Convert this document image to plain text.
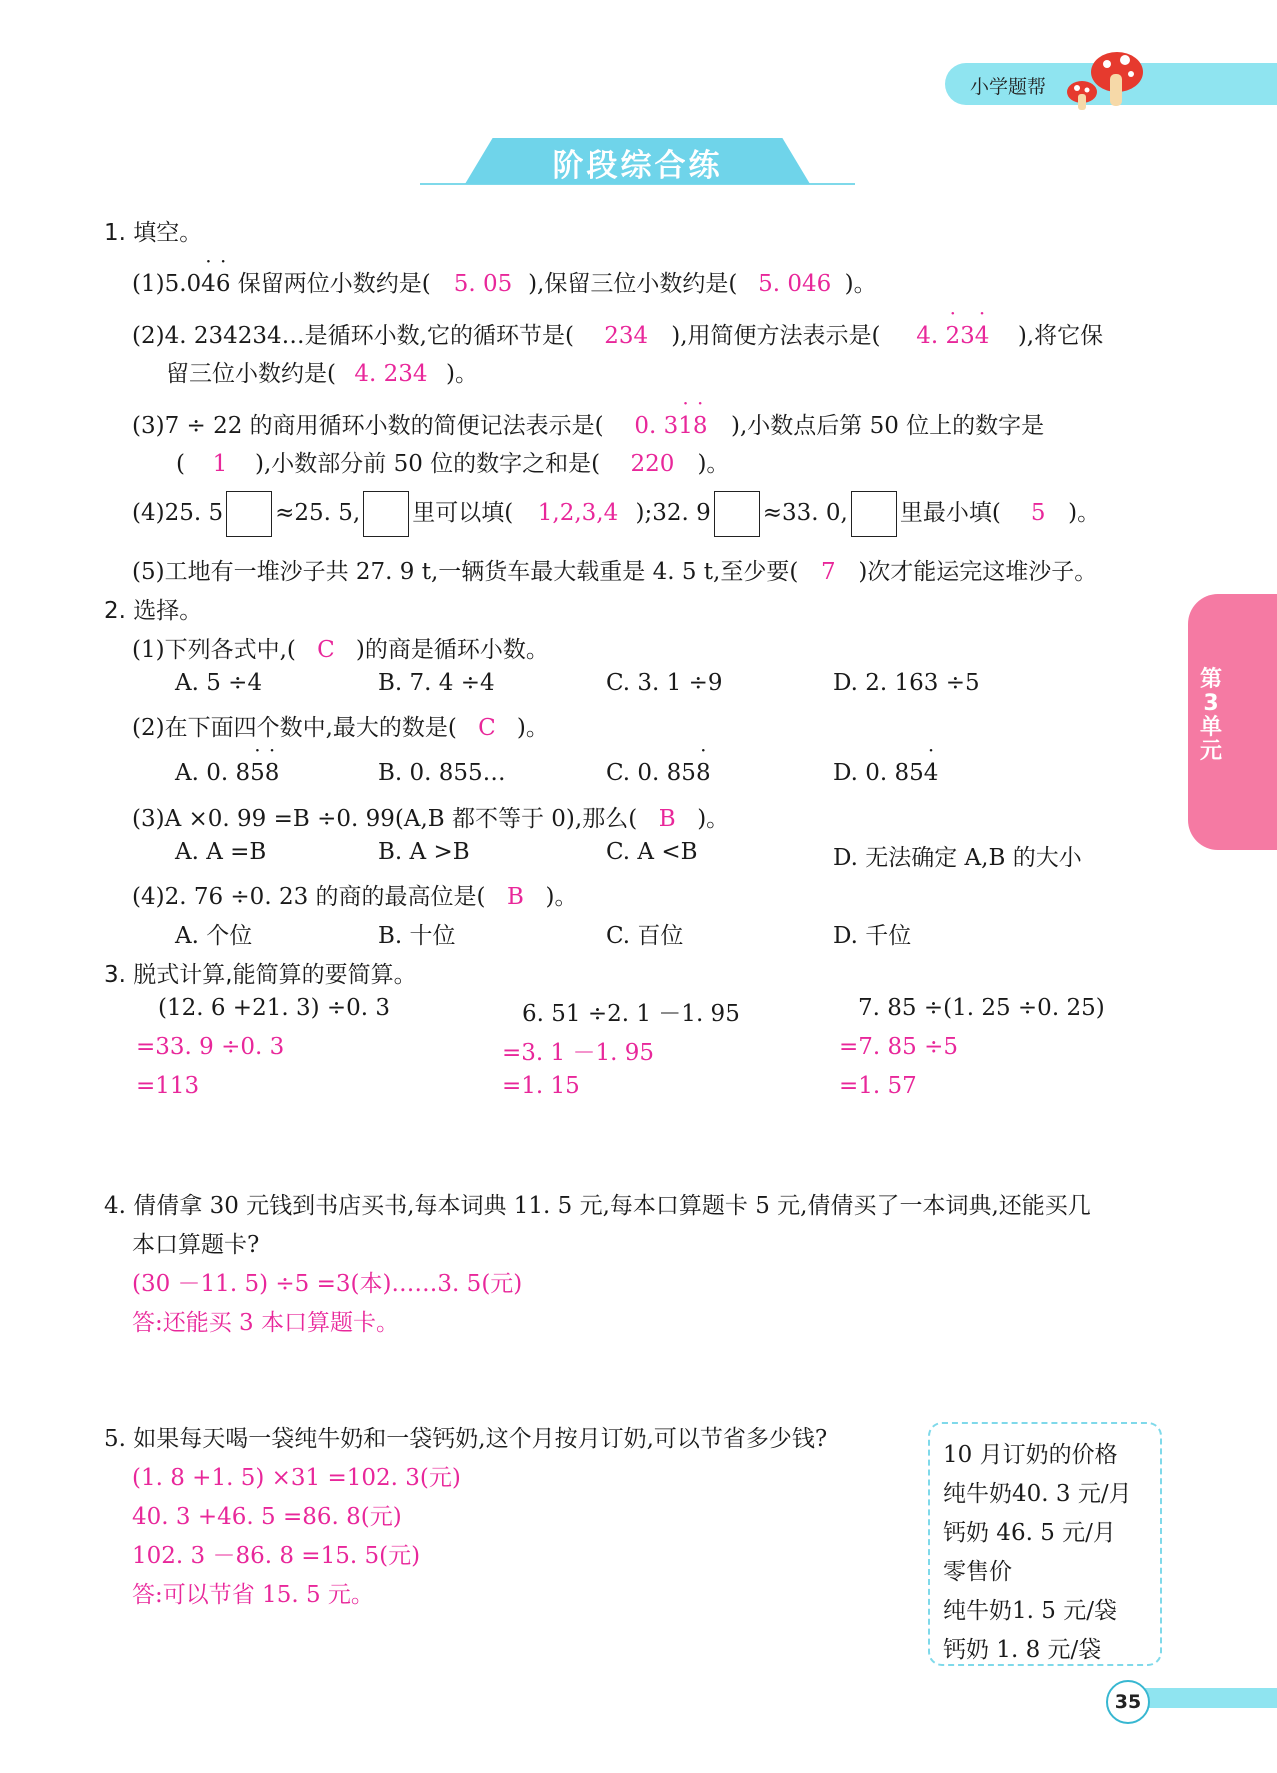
小学题帮
阶段综合练
第3单元
1. 填空。
(1)5.0· 4· 6 保留两位小数约是( 5. 05 ),保留三位小数约是( 5. 046 )。
(2)4. 234234…是循环小数,它的循环节是( 234 ),用简便方法表示是( 4. · 23· 4 ),将它保
留三位小数约是( 4. 234 )。
(3)7 ÷ 22 的商用循环小数的简便记法表示是( 0. 3· 1· 8 ),小数点后第 50 位上的数字是
( 1 ),小数部分前 50 位的数字之和是( 220 )。
(4)25. 5 ≈25. 5, 里可以填( 1,2,3,4 );32. 9 ≈33. 0, 里最小填( 5 )。
(5)工地有一堆沙子共 27. 9 t,一辆货车最大载重是 4. 5 t,至少要( 7 )次才能运完这堆沙子。
2. 选择。
(1)下列各式中,( C )的商是循环小数。
A. 5 ÷4	B. 7. 4 ÷4	C. 3. 1 ÷9	D. 2. 163 ÷5
(2)在下面四个数中,最大的数是( C )。
A. 0. 8· 5· 8	B. 0. 855…	C. 0. 85· 8	D. 0. 85· 4
(3)A ×0. 99 =B ÷0. 99(A,B 都不等于 0),那么( B )。
A. A =B	B. A >B	C. A <B	D. 无法确定 A,B 的大小
(4)2. 76 ÷0. 23 的商的最高位是( B )。
A. 个位	B. 十位	C. 百位	D. 千位
3. 脱式计算,能简算的要简算。
(12. 6 +21. 3) ÷0. 3
=33. 9 ÷0. 3
=113
6. 51 ÷2. 1 －1. 95
=3. 1 －1. 95
=1. 15
7. 85 ÷(1. 25 ÷0. 25)
=7. 85 ÷5
=1. 57
4. 倩倩拿 30 元钱到书店买书,每本词典 11. 5 元,每本口算题卡 5 元,倩倩买了一本词典,还能买几
本口算题卡?
(30 －11. 5) ÷5 =3(本)……3. 5(元)
答:还能买 3 本口算题卡。
5. 如果每天喝一袋纯牛奶和一袋钙奶,这个月按月订奶,可以节省多少钱?
(1. 8 +1. 5) ×31 =102. 3(元)
40. 3 +46. 5 =86. 8(元)
102. 3 －86. 8 =15. 5(元)
答:可以节省 15. 5 元。
10 月订奶的价格
纯牛奶40. 3 元/月
钙奶 46. 5 元/月
零售价
纯牛奶1. 5 元/袋
钙奶 1. 8 元/袋
35
